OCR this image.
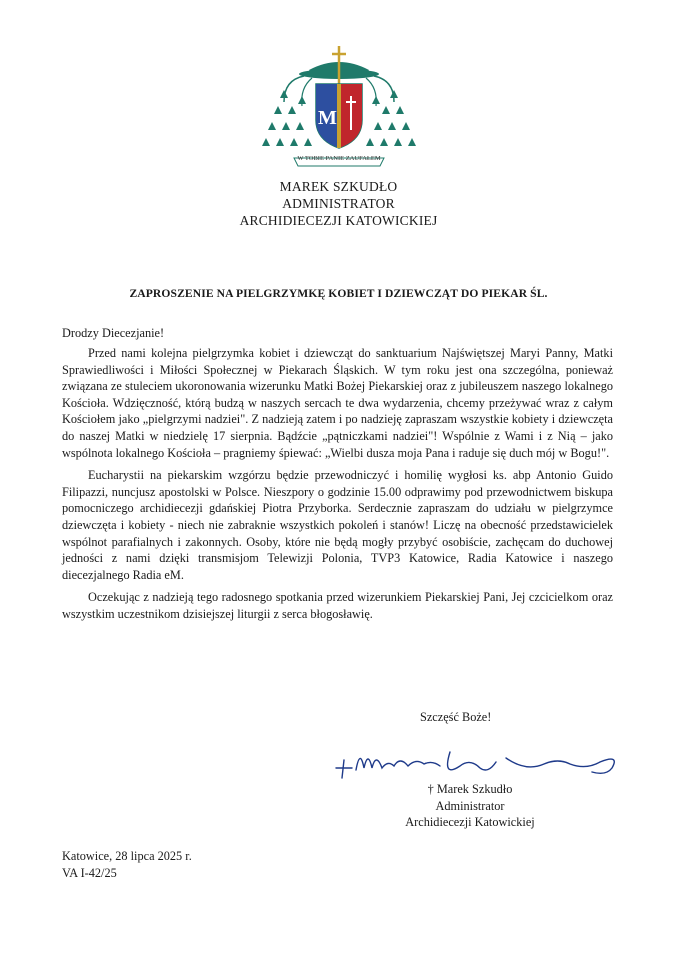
M
W TOBIE PANIE ZAUFAŁEM
MAREK SZKUDŁO
ADMINISTRATOR
ARCHIDIECEZJI KATOWICKIEJ
ZAPROSZENIE NA PIELGRZYMKĘ KOBIET I DZIEWCZĄT DO PIEKAR ŚL.
Drodzy Diecezjanie!

Przed nami kolejna pielgrzymka kobiet i dziewcząt do sanktuarium Najświętszej Maryi Panny, Matki Sprawiedliwości i Miłości Społecznej w Piekarach Śląskich. W tym roku jest ona szczególna, ponieważ związana ze stuleciem ukoronowania wizerunku Matki Bożej Piekarskiej oraz z jubileuszem naszego lokalnego Kościoła. Wdzięczność, którą budzą w naszych sercach te dwa wydarzenia, chcemy przeżywać wraz z całym Kościołem jako „pielgrzymi nadziei". Z nadzieją zatem i po nadzieję zapraszam wszystkie kobiety i dziewczęta do naszej Matki w niedzielę 17 sierpnia. Bądźcie „pątniczkami nadziei"! Wspólnie z Wami i z Nią – jako wspólnota lokalnego Kościoła – pragniemy śpiewać: „Wielbi dusza moja Pana i raduje się duch mój w Bogu!".

Eucharystii na piekarskim wzgórzu będzie przewodniczyć i homilię wygłosi ks. abp Antonio Guido Filipazzi, nuncjusz apostolski w Polsce. Nieszpory o godzinie 15.00 odprawimy pod przewodnictwem biskupa pomocniczego archidiecezji gdańskiej Piotra Przyborka. Serdecznie zapraszam do udziału w pielgrzymce dziewczęta i kobiety - niech nie zabraknie wszystkich pokoleń i stanów! Liczę na obecność przedstawicielek wspólnot parafialnych i zakonnych. Osoby, które nie będą mogły przybyć osobiście, zachęcam do duchowej jedności z nami dzięki transmisjom Telewizji Polonia, TVP3 Katowice, Radia Katowice i naszego diecezjalnego Radia eM.

Oczekując z nadzieją tego radosnego spotkania przed wizerunkiem Piekarskiej Pani, Jej czcicielkom oraz wszystkim uczestnikom dzisiejszej liturgii z serca błogosławię.

Szczęść Boże!
† Marek Szkudło
Administrator
Archidiecezji Katowickiej
Katowice, 28 lipca 2025 r.
VA I-42/25
